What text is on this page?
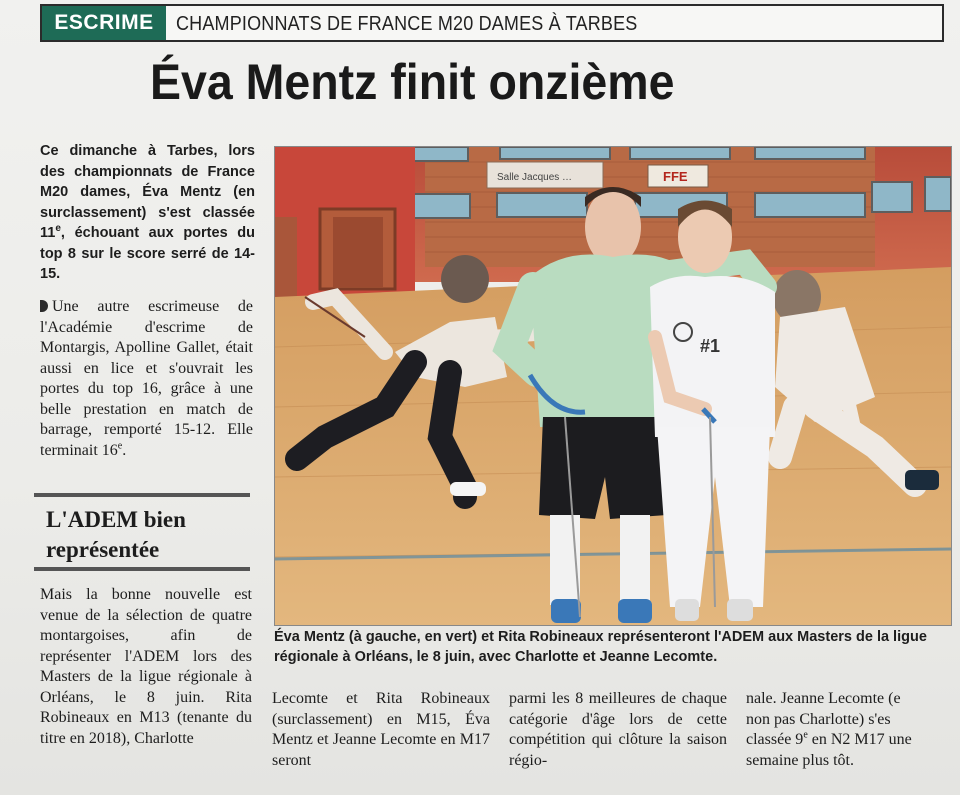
ESCRIME	CHAMPIONNATS DE FRANCE M20 DAMES À TARBES
Éva Mentz finit onzième
Ce dimanche à Tarbes, lors des championnats de France M20 dames, Éva Mentz (en surclassement) s'est classée 11e, échouant aux portes du top 8 sur le score serré de 14-15.
Une autre escrimeuse de l'Académie d'escrime de Montargis, Apolline Gallet, était aussi en lice et s'ouvrait les portes du top 16, grâce à une belle prestation en match de barrage, remporté 15-12. Elle terminait 16e.
L'ADEM bien représentée
Mais la bonne nouvelle est venue de la sélection de quatre montargoises, afin de représenter l'ADEM lors des Masters de la ligue régionale à Orléans, le 8 juin. Rita Robineaux en M13 (tenante du titre en 2018), Charlotte
Salle Jacques …	FFE
#1
Éva Mentz (à gauche, en vert) et Rita Robineaux représenteront l'ADEM aux Masters de la ligue régionale à Orléans, le 8 juin, avec Charlotte et Jeanne Lecomte.
Lecomte et Rita Robineaux (surclassement) en M15, Éva Mentz et Jeanne Lecomte en M17 seront
parmi les 8 meilleures de chaque catégorie d'âge lors de cette compétition qui clôture la saison régio-
nale. Jeanne Lecomte (e
non pas Charlotte) s'es
classée 9e en N2 M17 une
semaine plus tôt.
